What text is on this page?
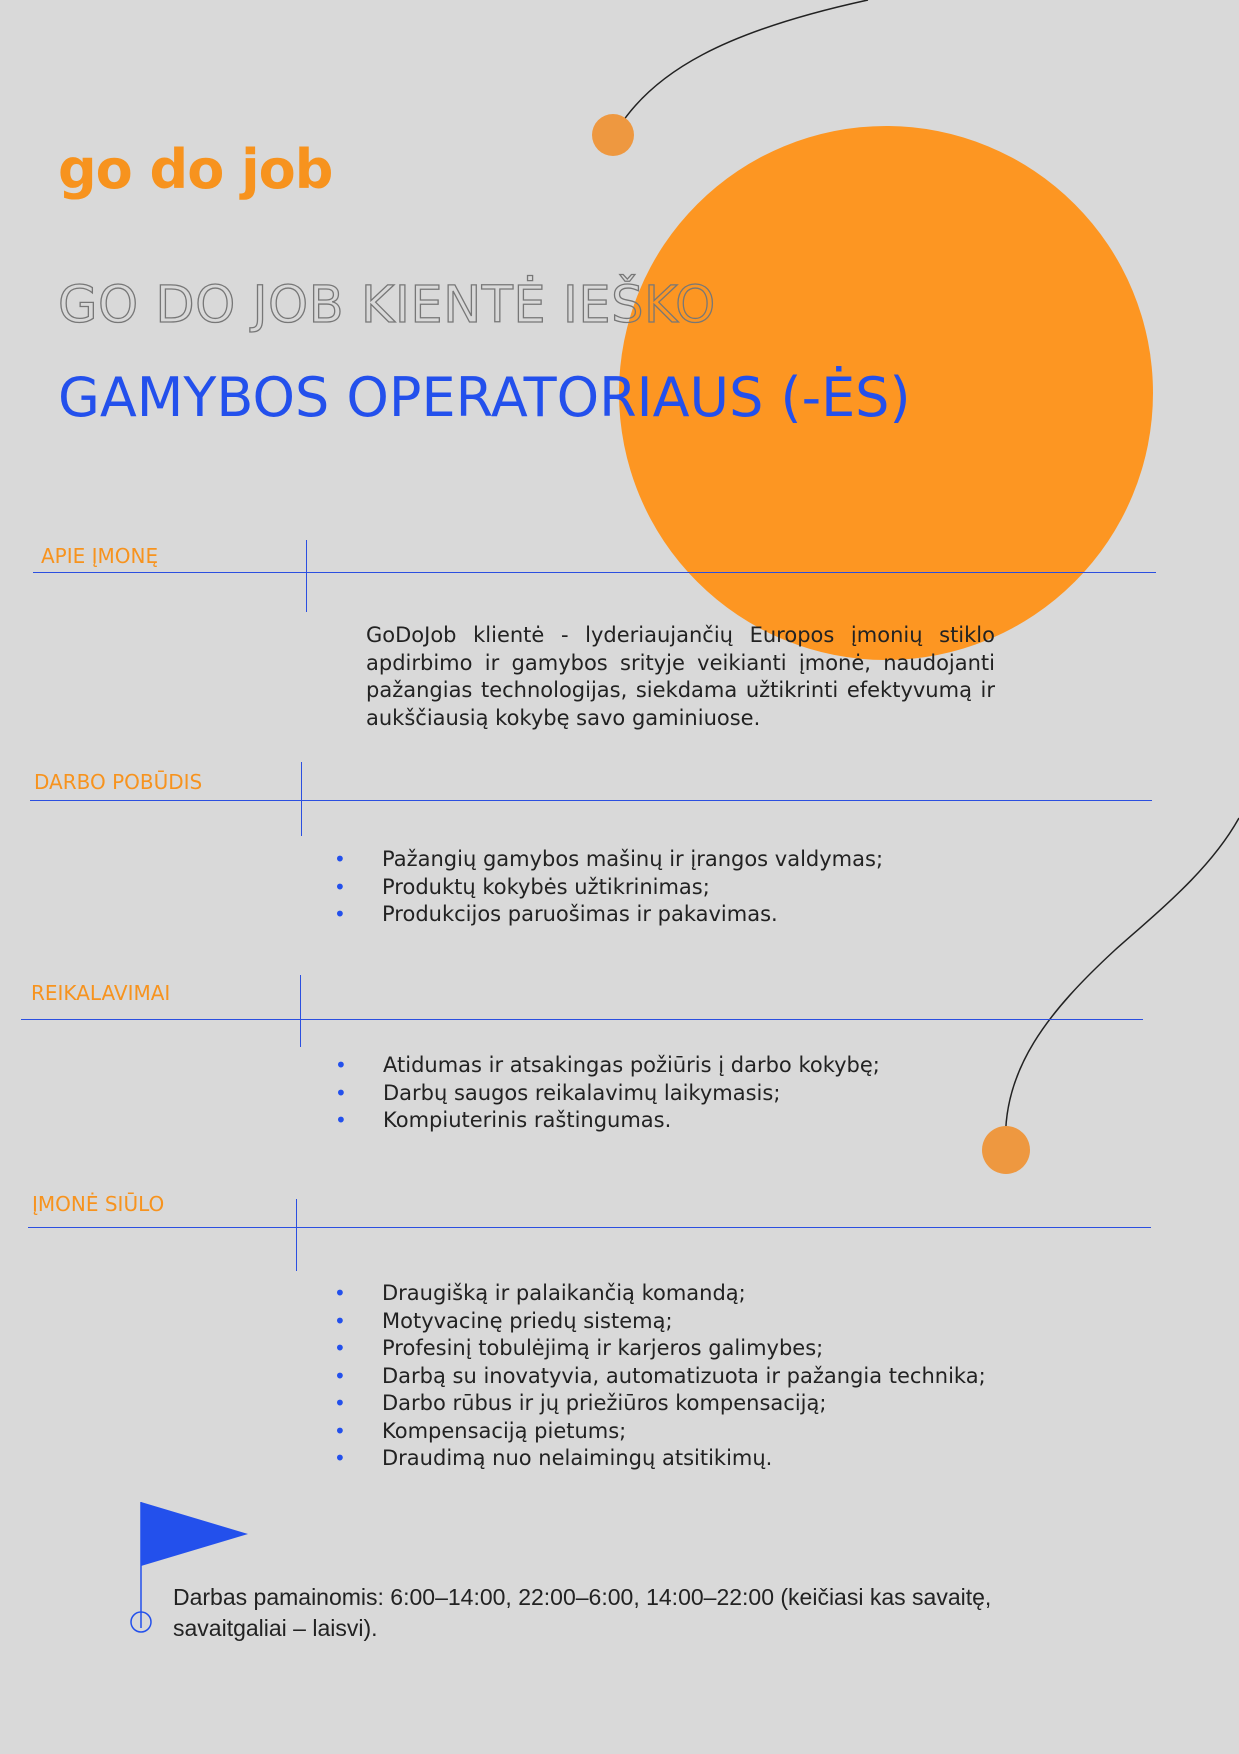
go do job
GO DO JOB KIENTĖ IEŠKO
GAMYBOS OPERATORIAUS (-ĖS)
APIE ĮMONĘ

GoDoJob klientė - lyderiaujančių Europos įmonių stiklo apdirbimo ir gamybos srityje veikianti įmonė, naudojanti pažangias technologijas, siekdama užtikrinti efektyvumą ir aukščiausią kokybę savo gaminiuose.

DARBO POBŪDIS
• Pažangių gamybos mašinų ir įrangos valdymas;
• Produktų kokybės užtikrinimas;
• Produkcijos paruošimas ir pakavimas.
REIKALAVIMAI
• Atidumas ir atsakingas požiūris į darbo kokybę;
• Darbų saugos reikalavimų laikymasis;
• Kompiuterinis raštingumas.
ĮMONĖ SIŪLO
• Draugišką ir palaikančią komandą;
• Motyvacinę priedų sistemą;
• Profesinį tobulėjimą ir karjeros galimybes;
• Darbą su inovatyvia, automatizuota ir pažangia technika;
• Darbo rūbus ir jų priežiūros kompensaciją;
• Kompensaciją pietums;
• Draudimą nuo nelaimingų atsitikimų.

Darbas pamainomis: 6:00–14:00, 22:00–6:00, 14:00–22:00 (keičiasi kas savaitę, savaitgaliai – laisvi).
